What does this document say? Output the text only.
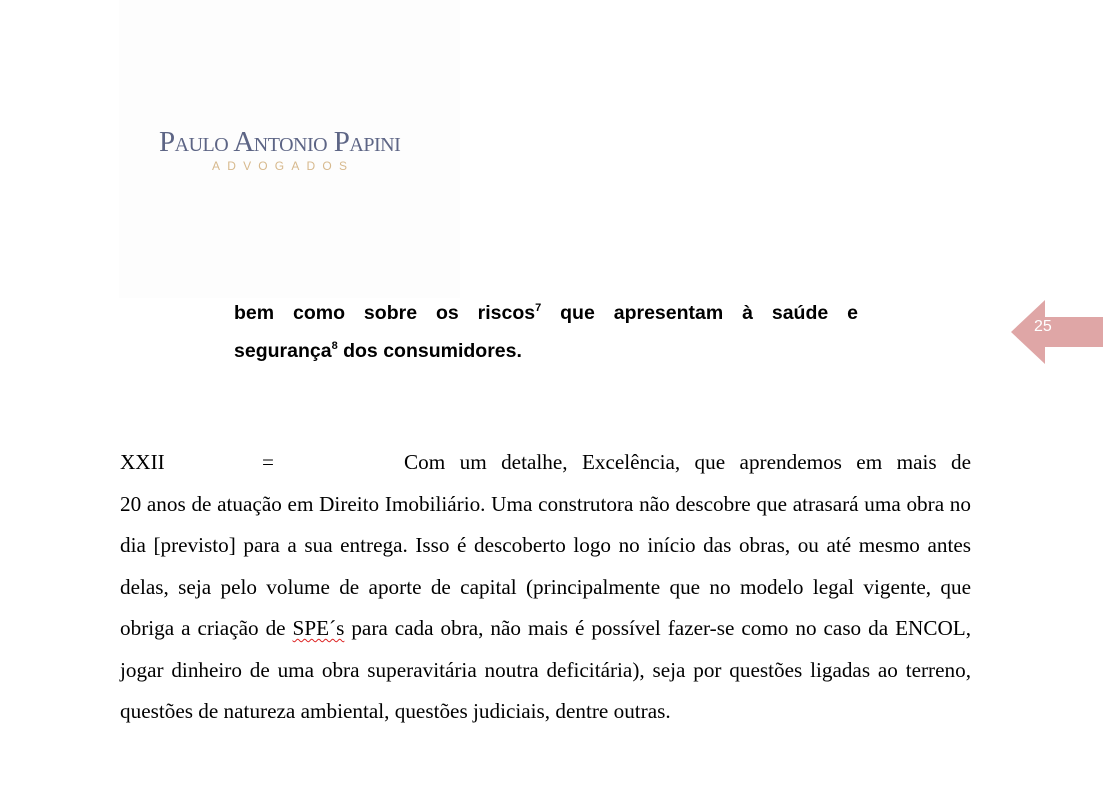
Paulo Antonio Papini
ADVOGADOS
bem como sobre os riscos$^7$ que apresentam à saúde e
segurança$^8$ dos consumidores.
25
XXII	=	Com um detalhe, Excelência, que aprendemos em mais de
20 anos de atuação em Direito Imobiliário. Uma construtora não descobre que atrasará uma obra no dia [previsto] para a sua entrega. Isso é descoberto logo no início das obras, ou até mesmo antes delas, seja pelo volume de aporte de capital (principalmente que no modelo legal vigente, que obriga a criação de SPE´s para cada obra, não mais é possível fazer-se como no caso da ENCOL, jogar dinheiro de uma obra superavitária noutra deficitária), seja por questões ligadas ao terreno, questões de natureza ambiental, questões judiciais, dentre outras.
